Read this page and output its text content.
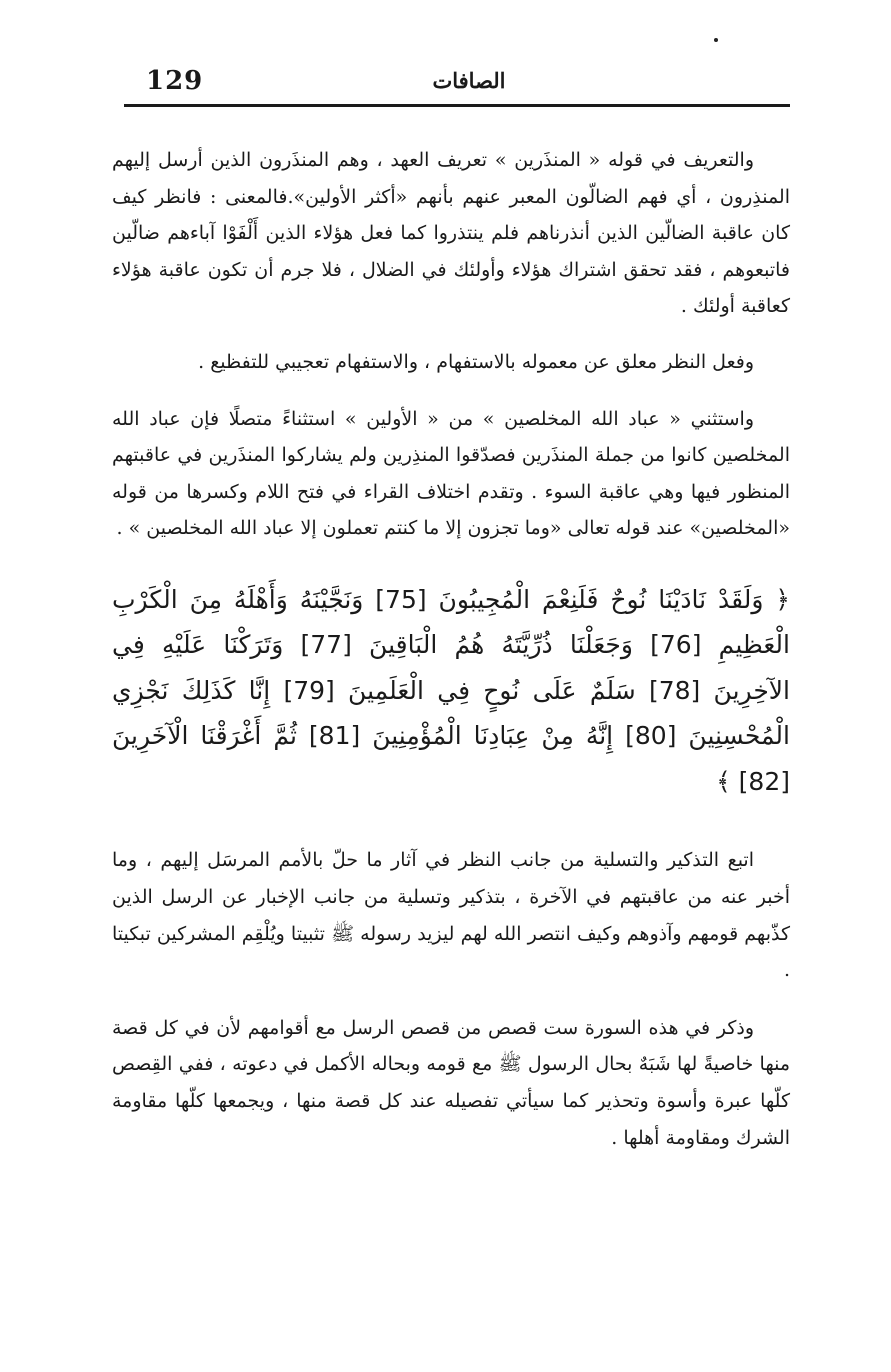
129	الصافات

والتعريف في قوله « المنذَرين » تعريف العهد ، وهم المنذَرون الذين أرسل إليهم المنذِرون ، أي فهم الضالّون المعبر عنهم بأنهم «أكثر الأولين».فالمعنى : فانظر كيف كان عاقبة الضالّين الذين أنذرناهم فلم ينتذروا كما فعل هؤلاء الذين أَلْفَوْا آباءهم ضالّين فاتبعوهم ، فقد تحقق اشتراك هؤلاء وأولئك في الضلال ، فلا جرم أن تكون عاقبة هؤلاء كعاقبة أولئك .

وفعل النظر معلق عن معموله بالاستفهام ، والاستفهام تعجيبي للتفظيع .

واستثني « عباد الله المخلصين » من « الأولين » استثناءً متصلًا فإن عباد الله المخلصين كانوا من جملة المنذَرين فصدّقوا المنذِرين ولم يشاركوا المنذَرين في عاقبتهم المنظور فيها وهي عاقبة السوء . وتقدم اختلاف القراء في فتح اللام وكسرها من قوله «المخلصين» عند قوله تعالى «وما تجزون إلا ما كنتم تعملون إلا عباد الله المخلصين » .

﴿ وَلَقَدْ نَادَيْنَا نُوحٌ فَلَنِعْمَ الْمُجِيبُونَ [75] وَنَجَّيْنَهُ وَأَهْلَهُ مِنَ الْكَرْبِ الْعَظِيمِ [76] وَجَعَلْنَا ذُرِّيَّتَهُ هُمُ الْبَاقِينَ [77] وَتَرَكْنَا عَلَيْهِ فِي الآخِرِينَ [78] سَلَمٌ عَلَى نُوحٍ فِي الْعَلَمِينَ [79] إِنَّا كَذَلِكَ نَجْزِي الْمُحْسِنِينَ [80] إِنَّهُ مِنْ عِبَادِنَا الْمُؤْمِنِينَ [81] ثُمَّ أَغْرَقْنَا الْآخَرِينَ [82] ﴾

اتبع التذكير والتسلية من جانب النظر في آثار ما حلّ بالأمم المرسَل إليهم ، وما أخبر عنه من عاقبتهم في الآخرة ، بتذكير وتسلية من جانب الإخبار عن الرسل الذين كذّبهم قومهم وآذوهم وكيف انتصر الله لهم ليزيد رسوله ﷺ تثبيتا ويُلْقِم المشركين تبكيتا .

وذكر في هذه السورة ست قصص من قصص الرسل مع أقوامهم لأن في كل قصة منها خاصيةً لها شَبَهٌ بحال الرسول ﷺ مع قومه وبحاله الأكمل في دعوته ، ففي القِصص كلّها عبرة وأسوة وتحذير كما سيأتي تفصيله عند كل قصة منها ، ويجمعها كلّها مقاومة الشرك ومقاومة أهلها .
